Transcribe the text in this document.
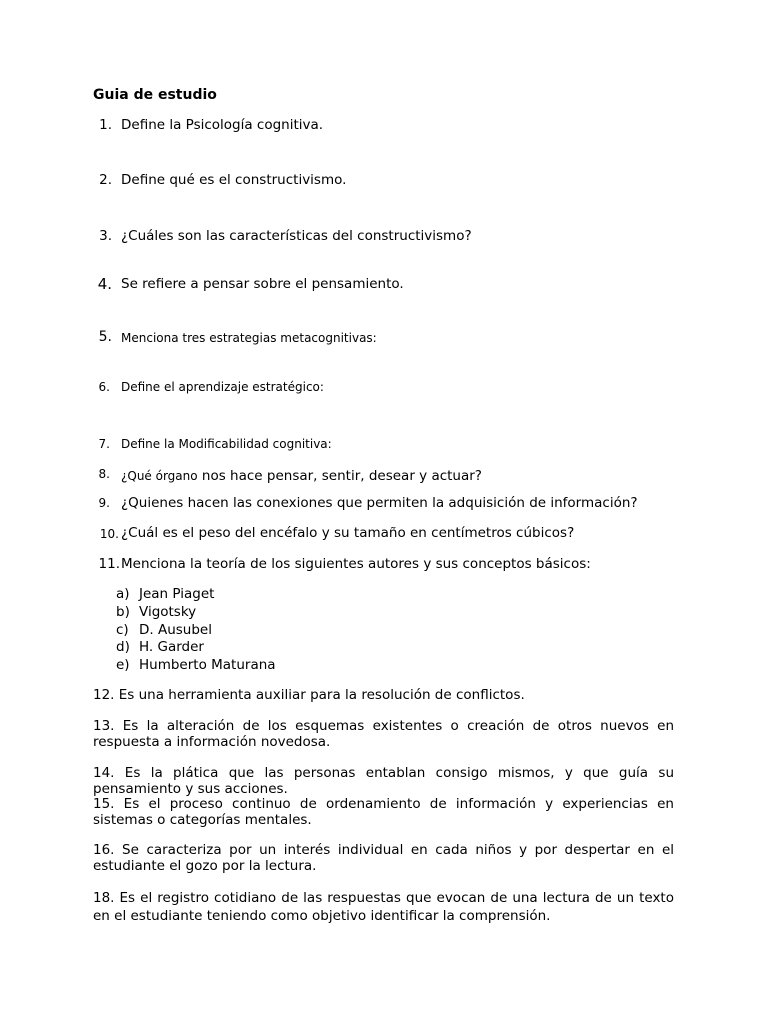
Guia de estudio
1. Define la Psicología cognitiva.
2. Define qué es el constructivismo.
3. ¿Cuáles son las características del constructivismo?
4. Se refiere a pensar sobre el pensamiento.
5. Menciona tres estrategias metacognitivas:
6. Define el aprendizaje estratégico:
7. Define la Modificabilidad cognitiva:
8. ¿Qué órgano nos hace pensar, sentir, desear y actuar?
9. ¿Quienes hacen las conexiones que permiten la adquisición de información?
10. ¿Cuál es el peso del encéfalo y su tamaño en centímetros cúbicos?
11. Menciona la teoría de los siguientes autores y sus conceptos básicos:
a) Jean Piaget
b) Vigotsky
c) D. Ausubel
d) H. Garder
e) Humberto Maturana

12. Es una herramienta auxiliar para la resolución de conflictos.

13. Es la alteración de los esquemas existentes o creación de otros nuevos en respuesta a información novedosa.

14. Es la plática que las personas entablan consigo mismos, y que guía su pensamiento y sus acciones.

15. Es el proceso continuo de ordenamiento de información y experiencias en sistemas o categorías mentales.

16. Se caracteriza por un interés individual en cada niños y por despertar en el estudiante el gozo por la lectura.

18. Es el registro cotidiano de las respuestas que evocan de una lectura de un texto en el estudiante teniendo como objetivo identificar la comprensión.
